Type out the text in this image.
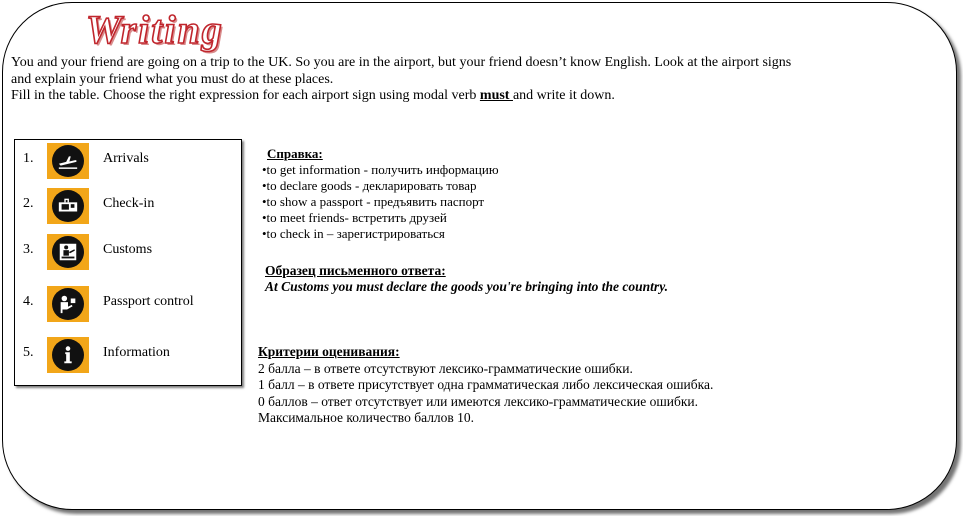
Writing

You and your friend are going on a trip to the UK. So you are in the airport, but your friend doesn’t know English. Look at the airport signs and explain your friend what you must do at these places.

Fill in the table. Choose the right expression for each airport sign using modal verb must and write it down.

1.	Arrivals
2.	Check-in
3.	Customs
4.	Passport control
5.	Information
Справка:
•to get information - получить информацию
•to declare goods - декларировать товар
•to show a passport - предъявить паспорт
•to meet friends- встретить друзей
•to check in – зарегистрироваться
Образец письменного ответа:
At Customs you must declare the goods you're bringing into the country.
Критерии оценивания:
2 балла – в ответе отсутствуют лексико-грамматические ошибки.
1 балл – в ответе присутствует одна грамматическая либо лексическая ошибка.
0 баллов – ответ отсутствует или имеются лексико-грамматические ошибки.
Максимальное количество баллов 10.
